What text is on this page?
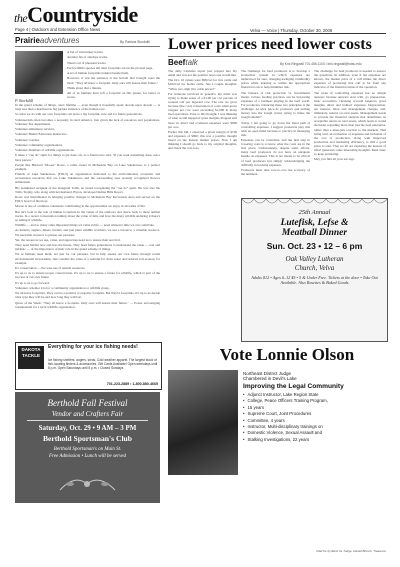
theCountryside
Page 4 | Outdoors and Extension Office News	Velva — Voice | Thursday, October 30, 2008
Prairieadventures	By Patricia Stockdill
P. Stockdill

A fan of wild turkey tracks.

Another fan of antelope tracks.

There's art of pheasant tracks.

Each wildlife species left their footprints across the plowed page.

A set of human footprints trekked beside them.

However, it was the sentence at the bottom that brought roars the most: "They all know a footprint. Only ours will ensure their future."

Think about that a minute.

All of us humans have left a footprint on this planet, for better or worse.

In the grand scheme of things, one's lifetime — even though it hopefully spans decade upon decade — is truly less than a heartbeat in big picture existence of the human race.

So what we do with our own footprints can leave a big footprint, now and for future generations.

Volunteerism often becomes a necessity in rural America. Just given the lack of resources and populations. Volunteer fire departments.

Volunteer ambulance services.

Volunteer Hunter Education instructors.

Volunteer coaches.

Volunteer community organizations.

Volunteer members of wildlife organizations.

It takes a "can do" spirit for things to get done. Or, as a friend once said, "If you want something done, ask a busy person."

People like Bernard "Moose" Rowe, a cabin owner in McKenzie Bay on Lake Sakakawea, is a perfect example.

Friends of Lake Sakakawea, (FOLS) an organization dedicated to the environmental, economic and recreational resources that are Lake Sakakawea and the surrounding area recently recognized Rowe's enthusiasm.

His nominated recipient of the inaugural Tollis, an award recognizing the "can do" spirit. He was also the Tollis Trophy, who along with her husband, Byron, developed Indian Hills Resort.

Rowe was instrumental in bringing positive changes to McKenzie Bay Recreation Area and served on the FOLS board of directors.

Moose is one of countless volunteers contributing in the opportunities we enjoy in all walks of life.

But let's look at the role of human footprints in the venue of the outdoors and check back to those animal tracks. In a recent conversation talking about the value of time and how the many wildlife enduring it there's no telling if wildlife.

Wildlife — and so many other important things we value in life — need whatever time we can contribute.

As hunters, anglers, hikers, birders, and just plain wildlife watchers, we use a resource, a valuable resource. We need that resource to pursue our passions.

Yet, the resources we use, value, and appreciate need us to ensure their survival.

They need habitat now and into the future. They need future generations to understand the value — real and intrinsic — of the importance of their role in the grand scheme of things.

We as humans need them, not just for our pleasure, but in help ensure our own future through sound environmental stewardship. Just consider the value of a wetland for clean water and reduced soil erosion, for example.

It's conservation — the wise use of natural resources.

It's up to us to ensure proper conservation. It's up to us to ensure a future for wildlife, which is part of the success of our own future.

It's up to us to go forward.

Volunteer, whether it is for a community organization or wildlife group.

We all leave footprints. They can be a positive or negative footprint. But they're footprints. It's up to us decide what type they will be and how long they will last.

Quote of the Week: "They all know a footprint. Only ours will ensure their future." — Poster encouraging volunteerism for a local wildlife organization.

DAKOTA TACKLE
Everything for your ice fishing needs!
Ice fishing shelters, augers, sleds, Cold weather apparel. The largest stock of fish-locating finders & accessories. Gift Cards Available! Open weekdays until 6 p.m. Open Saturdays until 5 p.m. • Closed Sundays
701-223-2889 • 1-800-880-4665
Berthold Fall Festival
Vendor and Crafters Fair
Saturday, Oct. 29 • 9 AM – 3 PM
Berthold Sportsman's Club
Berthold Sportsman's on Main St.
Free Admission • Lunch will be served
Lower prices need lower costs
Beeftalk	By Kris Ringwall 701.456.1103 • kris.ringwall@ndsu.edu

The daily Cattlefax report just popped into my email and was not the positive news one would like.

The Oct. 16 values were $98/cwt for live cattle and $162/cwt for feeder cattle. Just a couple thoughts: "What, two-digit live cattle prices?"

For someone involved in genetics, my mind was trying to make sense of a $1.00 per cwt percent of weaned calf per ingested cow. The rate we grow because (the cost) conversation of costs when grave tongues per cow were exceeding $1,000 in many beef operations. Prior to this thought, I was thinking of what would happen if grass margins dropped still more in direct and overhead expenses were $690 per cow.

Earlier this fall, I expected a given margin of $700 and expenses of $690; this was a positive thought based on the Kenzie market prices. Now I am thinking I should go back to my original thoughts, and check the cost-loss.

The challenge for beef producers is to develop a production system in which expenses are understood for sure, changing-swinging commodity prices while learning to utilize the appropriate financial tools to help minimize risk.

The balance of risk protection vs. investments means various feeding practices can be increasing expenses of a business playing in the beef world. For producers, balancing these two principles is the challenge. At what price do producers quit putting money into the trough versus trying to make the trough smaller?

Today, I am going to go down the fixed path of controlling expenses. I suggest producers play this with an open mind because to practice in managing risk.

Expenses can be controlled, and the first step in lowering costs is to know what the costs are in the first place. Unfortunately, despite some efforts, many beef producers do not have an adequate handle on expenses. This is not meant to be critical of beef producers but simply acknowledging the difficulty in tracking expenses.

Producers must take cow-to-cow the accuracy of the numbers.

The challenge for beef producers is needed to answer the questions. In addition, even if the expenses are known, the market price of a calf minus the direct expenses of producing that calf is far from any indicator of the financial status of the operation.

The issue of controlling expenses has no simple answers because answers start with, go preparation, basic economics, checking account balances, gross margins, direct and indirect expenses. Depreciation, net interest, labor and management charges, and, ultimately, returns on total assets. Management needs to provide the financial analysis that determines an acceptable return on total assets, which leads to sound decisions regarding more than just the beef enterprise, rather than a knee-jerk reaction to the markets. That being said, an evaluation of expenses and inclusion of the cost of production, along with improved production and marketing efficiency, is still a good place to start. That we all are exploring the lessons of effort generates some interesting thoughts. Meet later, so keep pondering.

May you find all your ear tags.

25th Annual
Lutefisk, Lefse &
Meatball Dinner
Sun. Oct. 23 • 12 – 6 pm
Oak Valley Lutheran
Church, Velva
Adults $12 • Ages 6–12 $5 • 5 & Under Free. Tickets at the door • Take Out Available. Also Rosettes & Baked Goods
Vote Lonnie Olson
Northeast District Judge
Chambered in Devil's Lake
Improving the Legal Community
• Adjunct Instructor, Lake Region State
• College, Peace Officers Training Program,
• 15 years
• Supreme Court, Joint Procedures
• Committee, 4 years
• Instructor, Multi-disciplinary trainings on
• Domestic Violence, Sexual Assault and
• Stalking Investigations, 22 years
Paid for by Elect for Judge, Daniel Brhreh, Treasurer
